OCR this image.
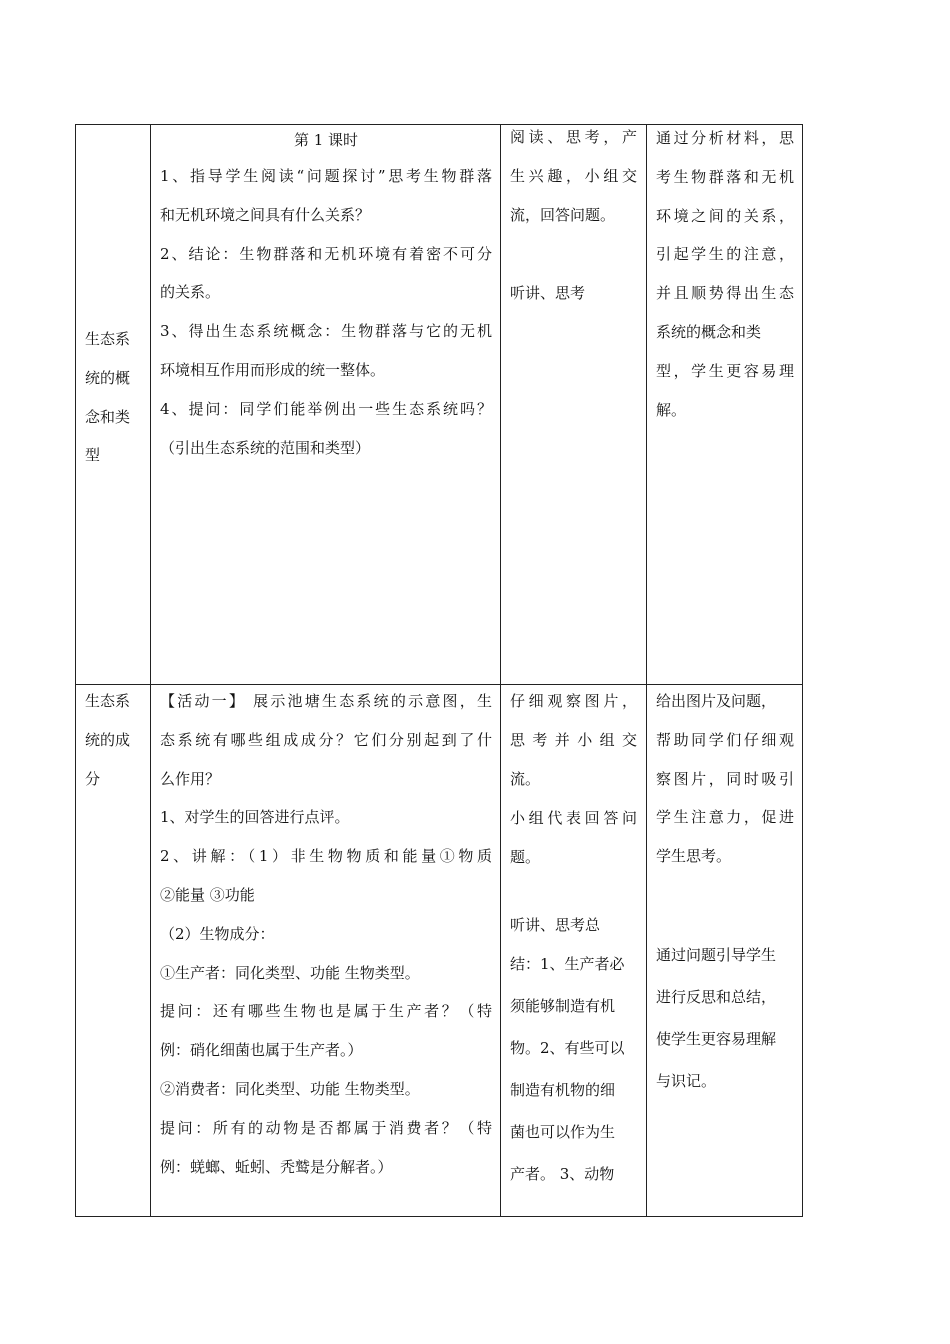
生态系
统的概
念和类
型
第 1 课时
1、指导学生阅读“问题探讨”思考生物群落
和无机环境之间具有什么关系？
2、结论：生物群落和无机环境有着密不可分
的关系。
3、得出生态系统概念：生物群落与它的无机
环境相互作用而形成的统一整体。
4、提问：同学们能举例出一些生态系统吗？
（引出生态系统的范围和类型）
阅读、思考，产
生兴趣，小组交
流，回答问题。
听讲、思考
通过分析材料，思
考生物群落和无机
环境之间的关系，
引起学生的注意，
并且顺势得出生态
系统的概念和类
型，学生更容易理
解。
生态系
统的成
分
【活动一】 展示池塘生态系统的示意图，生
态系统有哪些组成成分？它们分别起到了什
么作用？
1、对学生的回答进行点评。
2、讲解：（1）非生物物质和能量①物质
②能量 ③功能
（2）生物成分：
①生产者：同化类型、功能 生物类型。
提问：还有哪些生物也是属于生产者？（特
例：硝化细菌也属于生产者。）
②消费者：同化类型、功能 生物类型。
提问：所有的动物是否都属于消费者？（特
例：蜣螂、蚯蚓、秃鹫是分解者。）
仔细观察图片，
思考并小组交
流。
小组代表回答问
题。
听讲、思考总
结：1、生产者必
须能够制造有机
物。2、有些可以
制造有机物的细
菌也可以作为生
产者。 3、动物
给出图片及问题，
帮助同学们仔细观
察图片，同时吸引
学生注意力，促进
学生思考。
通过问题引导学生
进行反思和总结，
使学生更容易理解
与识记。
